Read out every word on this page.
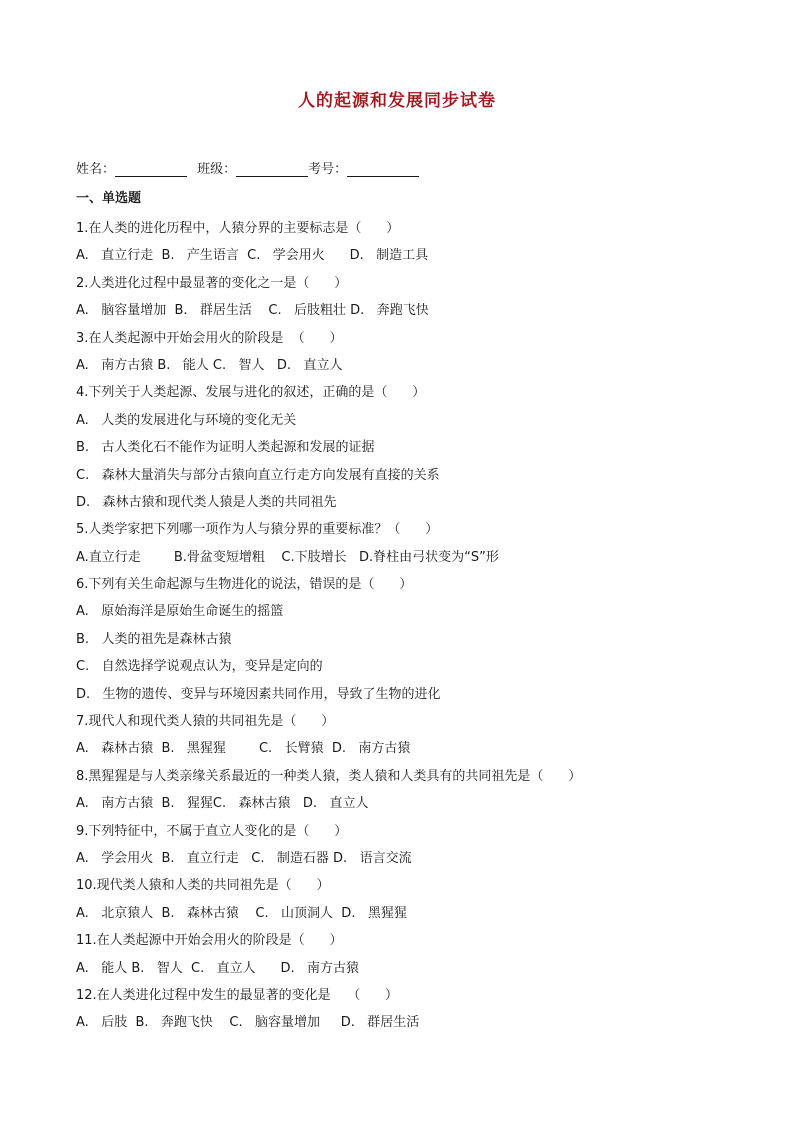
人的起源和发展同步试卷
姓名：	班级：	考号：
一、单选题
1.在人类的进化历程中，人猿分界的主要标志是（      ）
A.   直立行走  B.   产生语言  C.   学会用火      D.   制造工具
2.人类进化过程中最显著的变化之一是（      ）
A.   脑容量增加  B.   群居生活    C.   后肢粗壮 D.   奔跑飞快
3.在人类起源中开始会用火的阶段是  （      ）
A.   南方古猿 B.   能人 C.   智人   D.   直立人
4.下列关于人类起源、发展与进化的叙述，正确的是（      ）
A.   人类的发展进化与环境的变化无关
B.   古人类化石不能作为证明人类起源和发展的证据
C.   森林大量消失与部分古猿向直立行走方向发展有直接的关系
D.   森林古猿和现代类人猿是人类的共同祖先
5.人类学家把下列哪一项作为人与猿分界的重要标准？（      ）
A.直立行走        B.骨盆变短增粗    C.下肢增长   D.脊柱由弓状变为“S”形
6.下列有关生命起源与生物进化的说法，错误的是（      ）
A.   原始海洋是原始生命诞生的摇篮
B.   人类的祖先是森林古猿
C.   自然选择学说观点认为，变异是定向的
D.   生物的遗传、变异与环境因素共同作用，导致了生物的进化
7.现代人和现代类人猿的共同祖先是（      ）
A.   森林古猿  B.   黑猩猩        C.   长臂猿  D.   南方古猿
8.黑猩猩是与人类亲缘关系最近的一种类人猿，类人猿和人类具有的共同祖先是（      ）
A.   南方古猿  B.   猩猩C.   森林古猿   D.   直立人
9.下列特征中，不属于直立人变化的是（      ）
A.   学会用火  B.   直立行走   C.   制造石器 D.   语言交流
10.现代类人猿和人类的共同祖先是（      ）
A.   北京猿人  B.   森林古猿    C.   山顶洞人  D.   黑猩猩
11.在人类起源中开始会用火的阶段是（      ）
A.   能人 B.   智人  C.   直立人      D.   南方古猿
12.在人类进化过程中发生的最显著的变化是    （      ）
A.   后肢  B.   奔跑飞快    C.   脑容量增加     D.   群居生活
